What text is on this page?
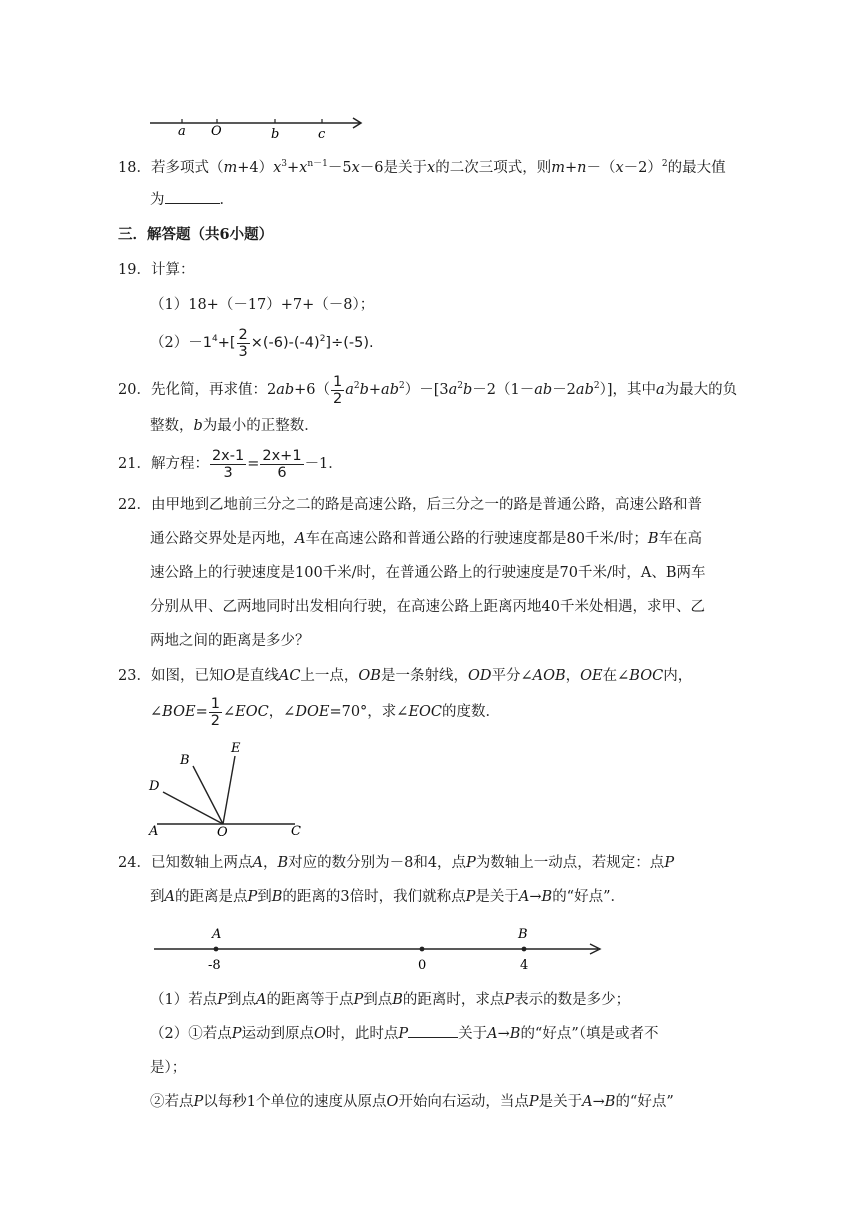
a O	b	c
18．若多项式$(m+4)x^3+x^{n-1}-5x-6$是关于x的二次三项式，则$m+n-(x-2)^2$的最大值
为	．
三．解答题（共6小题）
19．计算：
（1）18+（－17）+7+（－8）；
$(2)-1^4+[ \frac{2}{3} \times(-6)-(-4)^2]\div(-5)$.
20．先化简，再求值：$2ab+6( \frac{1}{2} a^2b+ab^2)-[3a^2b-2(1-ab-2ab^2)]$，其中a为最大的负
整数，b为最小的正整数．
21．解方程： $\frac{2x-1}{3} = \frac{2x+1}{6} -1$．
22．由甲地到乙地前三分之二的路是高速公路，后三分之一的路是普通公路，高速公路和普
通公路交界处是丙地，A车在高速公路和普通公路的行驶速度都是80千米/时；B车在高
速公路上的行驶速度是100千米/时，在普通公路上的行驶速度是70千米/时，A、B两车
分别从甲、乙两地同时出发相向行驶，在高速公路上距离丙地40千米处相遇，求甲、乙
两地之间的距离是多少？
23．如图，已知O是直线AC上一点，OB是一条射线，OD平分∠AOB，OE在∠BOC内，
∠BOE= $\frac{1}{2}$ ∠EOC，∠DOE=70°，求∠EOC的度数．
B
E
D
A	O	C
24．已知数轴上两点A，B对应的数分别为－8和4，点P为数轴上一动点，若规定：点P
到A的距离是点P到B的距离的3倍时，我们就称点P是关于A→B的“好点”．
A	B
-8	0	4
（1）若点P到点A的距离等于点P到点B的距离时，求点P表示的数是多少；
（2）①若点P运动到原点O时，此时点P	关于A→B的“好点”（填是或者不
是）；
②若点P以每秒1个单位的速度从原点O开始向右运动，当点P是关于A→B的“好点”
